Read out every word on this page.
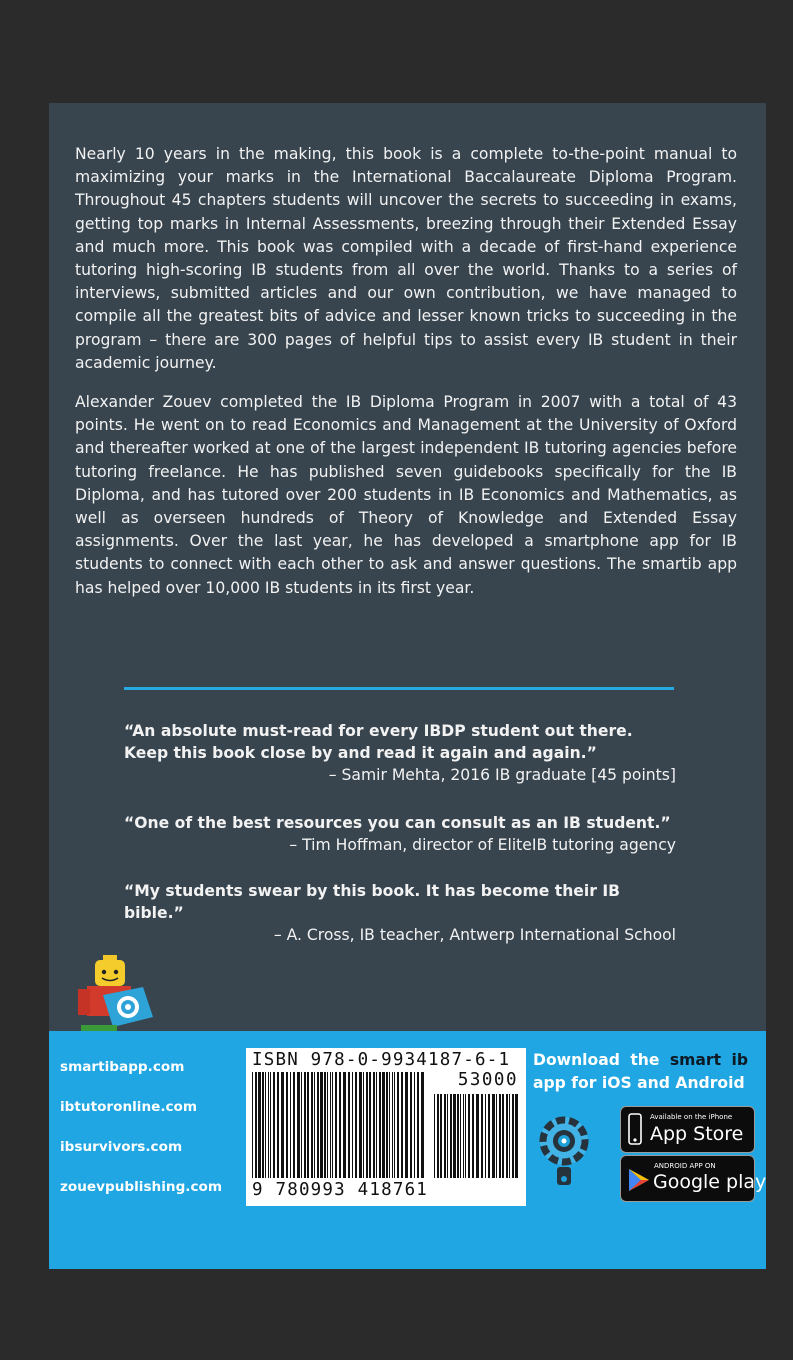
Nearly 10 years in the making, this book is a complete to-the-point manual to maximizing your marks in the International Baccalaureate Diploma Program. Throughout 45 chapters students will uncover the secrets to succeeding in exams, getting top marks in Internal Assessments, breezing through their Extended Essay and much more. This book was compiled with a decade of first-hand experience tutoring high-scoring IB students from all over the world. Thanks to a series of interviews, submitted articles and our own contribution, we have managed to compile all the greatest bits of advice and lesser known tricks to succeeding in the program – there are 300 pages of helpful tips to assist every IB student in their academic journey.

Alexander Zouev completed the IB Diploma Program in 2007 with a total of 43 points. He went on to read Economics and Management at the University of Oxford and thereafter worked at one of the largest independent IB tutoring agencies before tutoring freelance. He has published seven guidebooks specifically for the IB Diploma, and has tutored over 200 students in IB Economics and Mathematics, as well as overseen hundreds of Theory of Knowledge and Extended Essay assignments. Over the last year, he has developed a smartphone app for IB students to connect with each other to ask and answer questions. The smartib app has helped over 10,000 IB students in its first year.

“An absolute must-read for every IBDP student out there. Keep this book close by and read it again and again.”
– Samir Mehta, 2016 IB graduate [45 points]
“One of the best resources you can consult as an IB student.”
– Tim Hoffman, director of EliteIB tutoring agency
“My students swear by this book. It has become their IB bible.”
– A. Cross, IB teacher, Antwerp International School
smartibapp.com
ibtutoronline.com
ibsurvivors.com
zouevpublishing.com
ISBN 978-0-9934187-6-1
53000
9 780993 418761
Download the smart ib app for iOS and Android
Available on the iPhone
App Store
ANDROID APP ON
Google play
